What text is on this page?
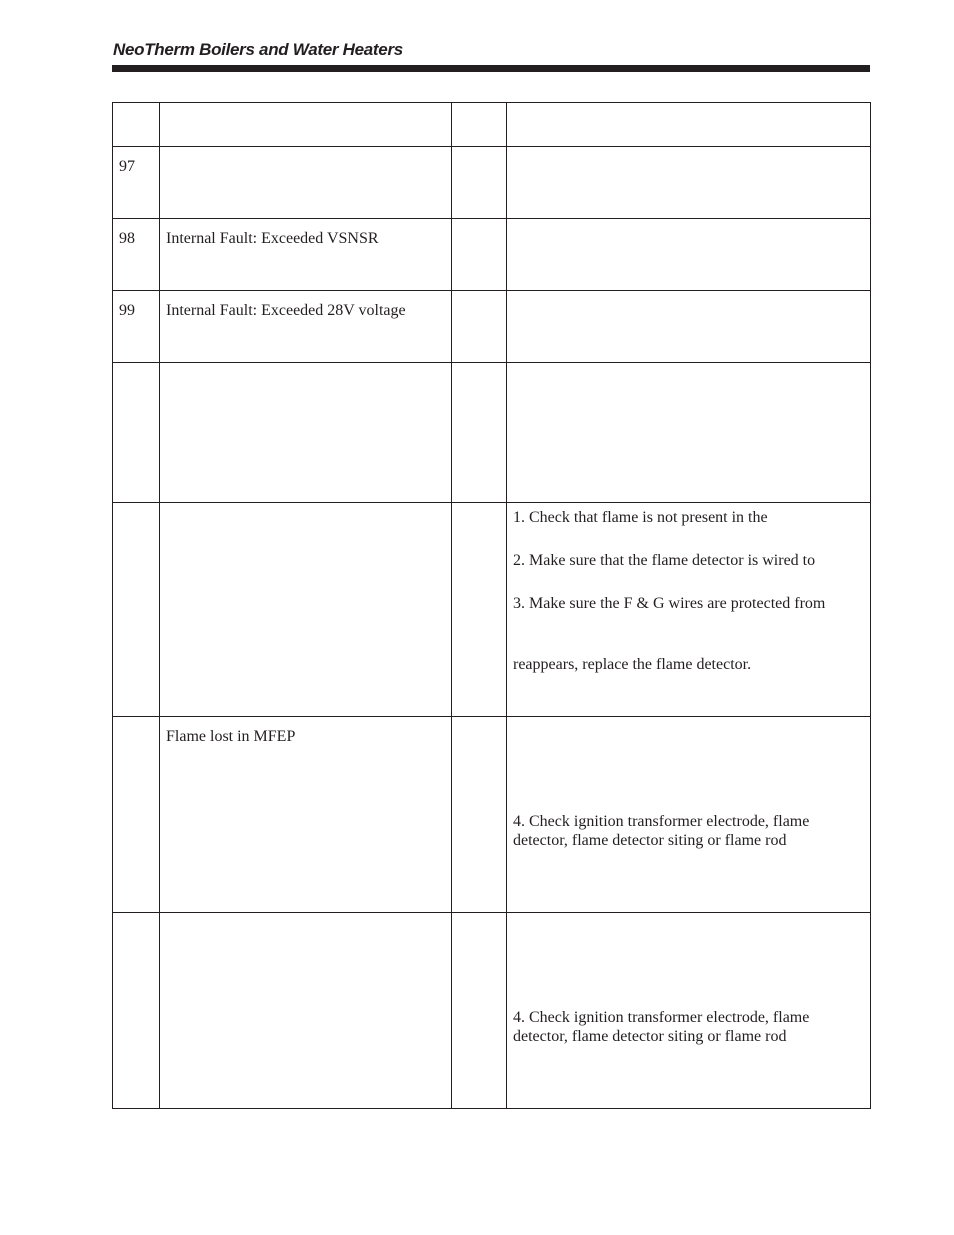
NeoTherm Boilers and Water Heaters

97			

98	Internal Fault: Exceeded VSNSR		

99	Internal Fault: Exceeded 28V voltage		

			1. Check that flame is not present in the
2. Make sure that the flame detector is wired to
3. Make sure the F & G wires are protected from
reappears, replace the flame detector.

	Flame lost in MFEP		4. Check ignition transformer electrode, flame
detector, flame detector siting or flame rod

			4. Check ignition transformer electrode, flame
detector, flame detector siting or flame rod
